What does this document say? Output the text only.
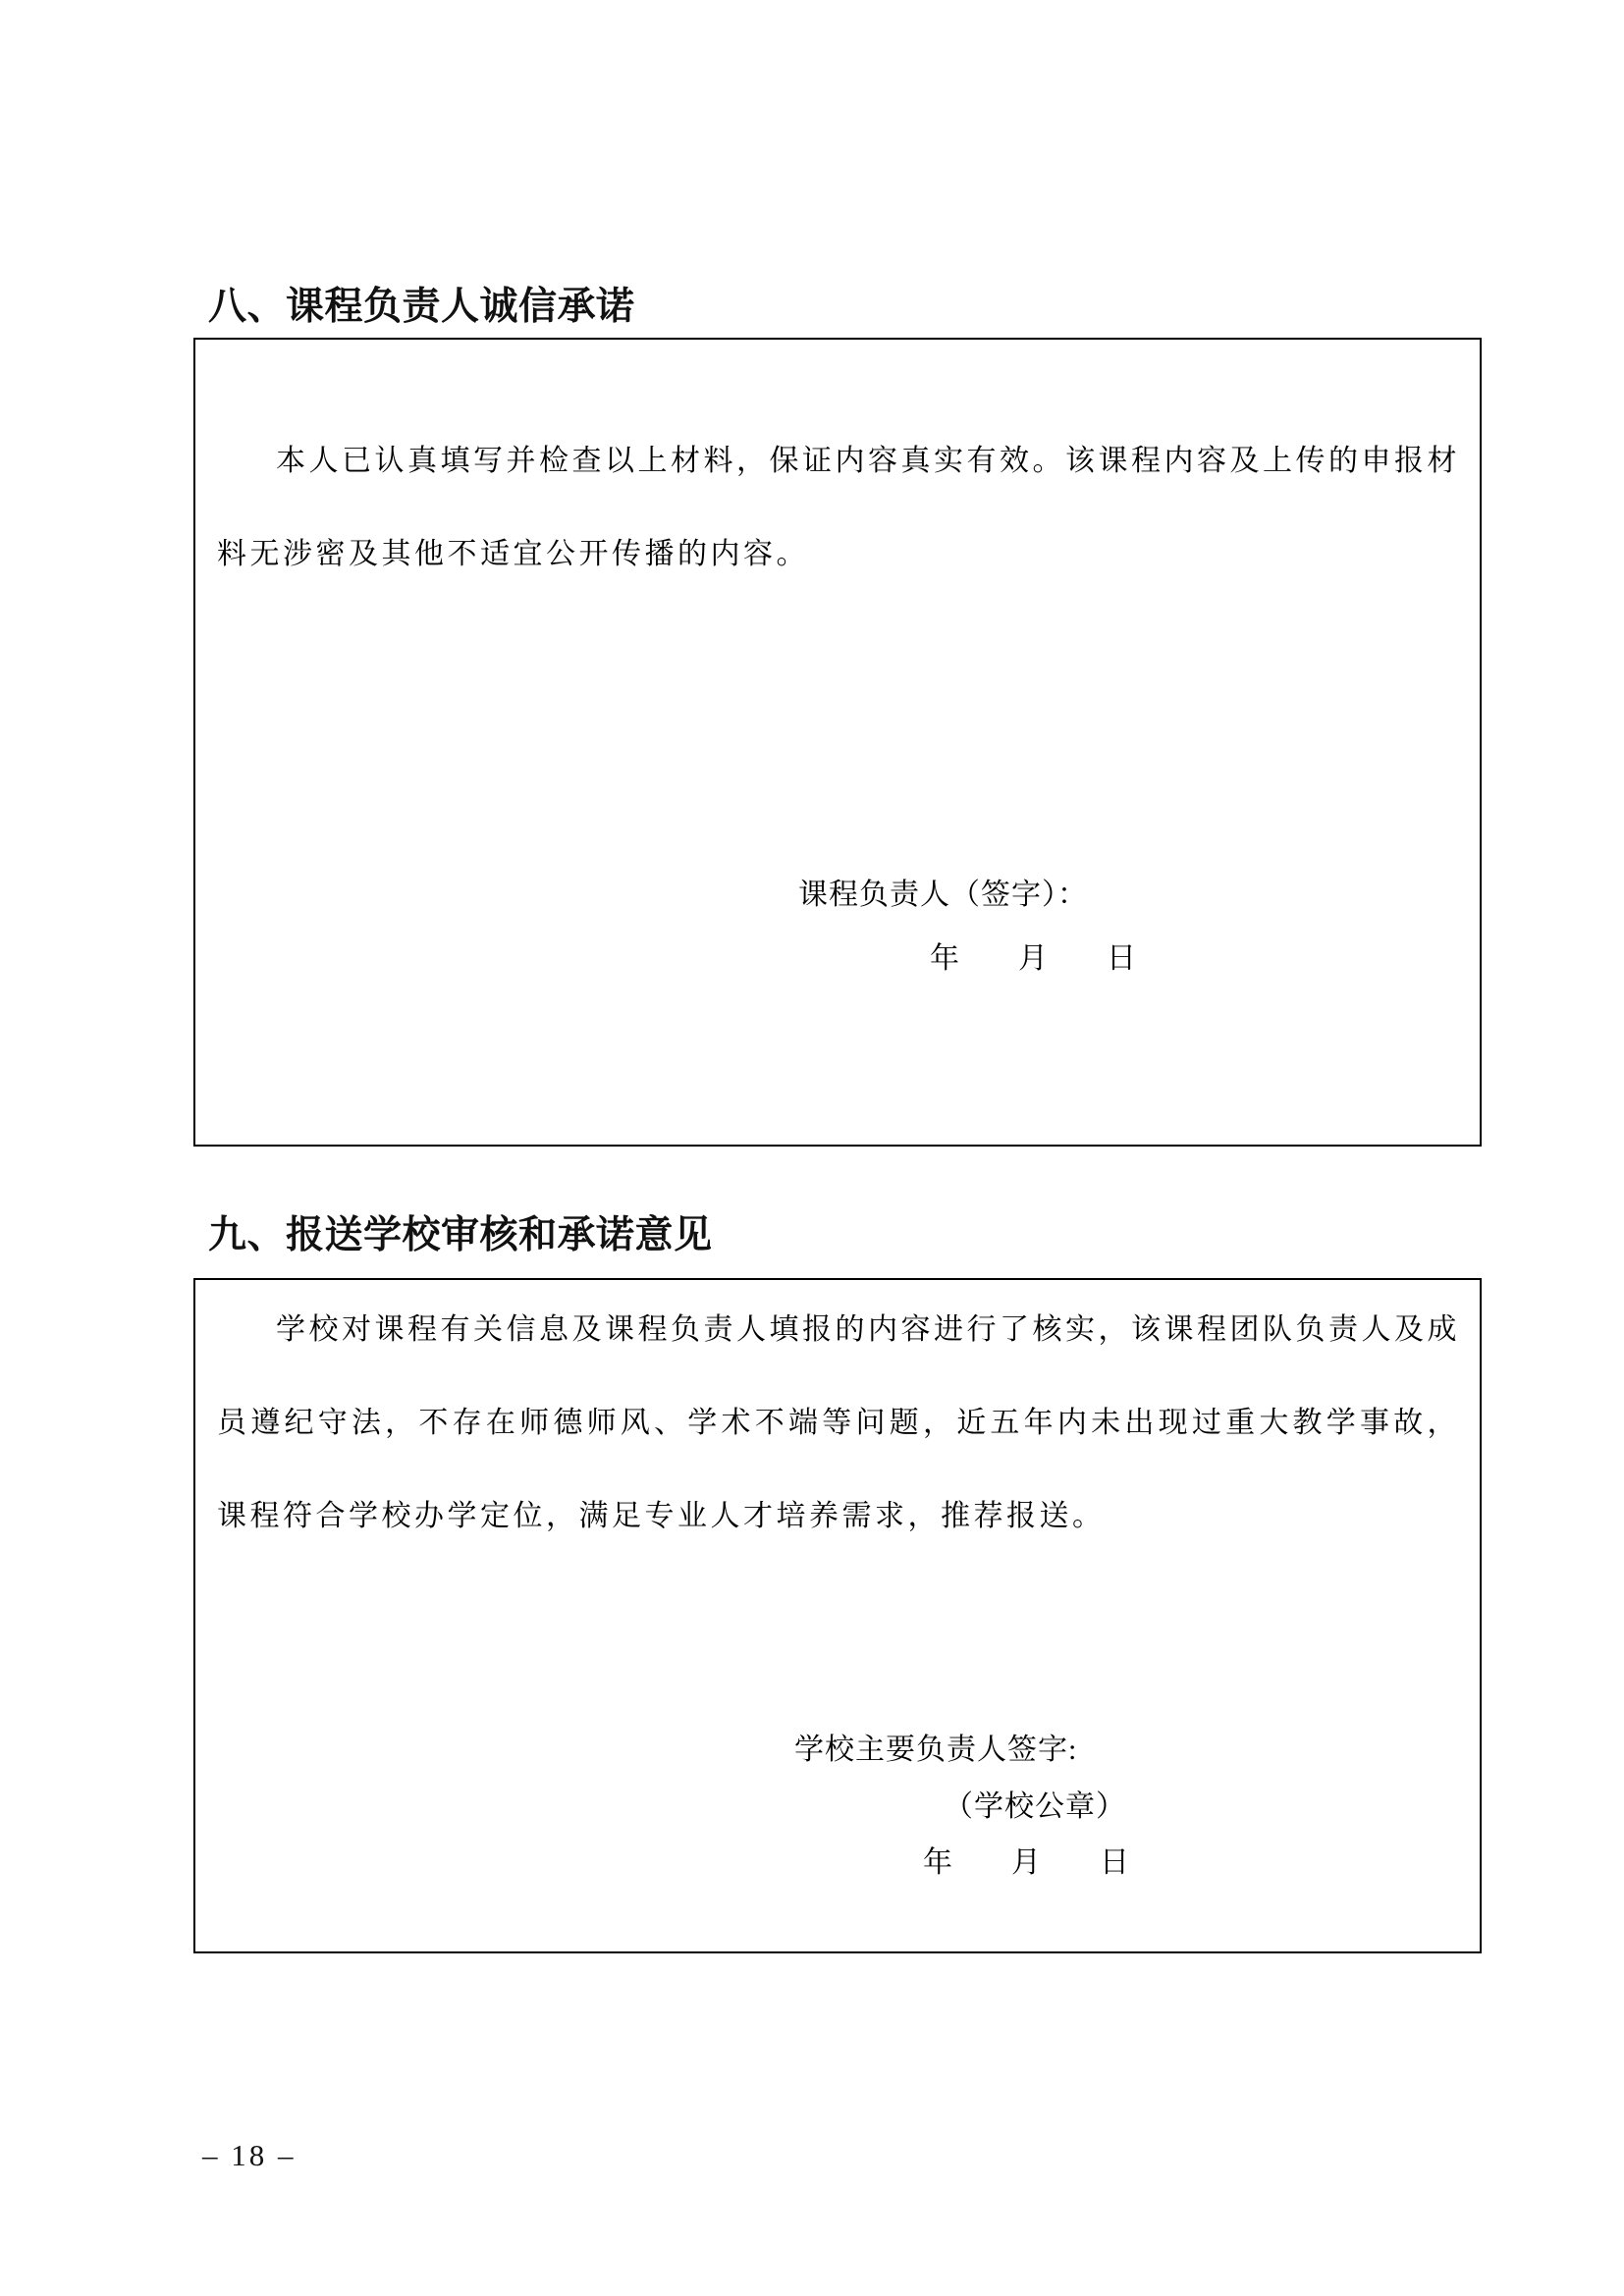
八、课程负责人诚信承诺

本人已认真填写并检查以上材料，保证内容真实有效。该课程内容及上传的申报材料无涉密及其他不适宜公开传播的内容。

课程负责人（签字）：
年　　月　　日
九、报送学校审核和承诺意见

学校对课程有关信息及课程负责人填报的内容进行了核实，该课程团队负责人及成员遵纪守法，不存在师德师风、学术不端等问题，近五年内未出现过重大教学事故，课程符合学校办学定位，满足专业人才培养需求，推荐报送。

学校主要负责人签字:
（学校公章）
年　　月　　日
– 18 –
